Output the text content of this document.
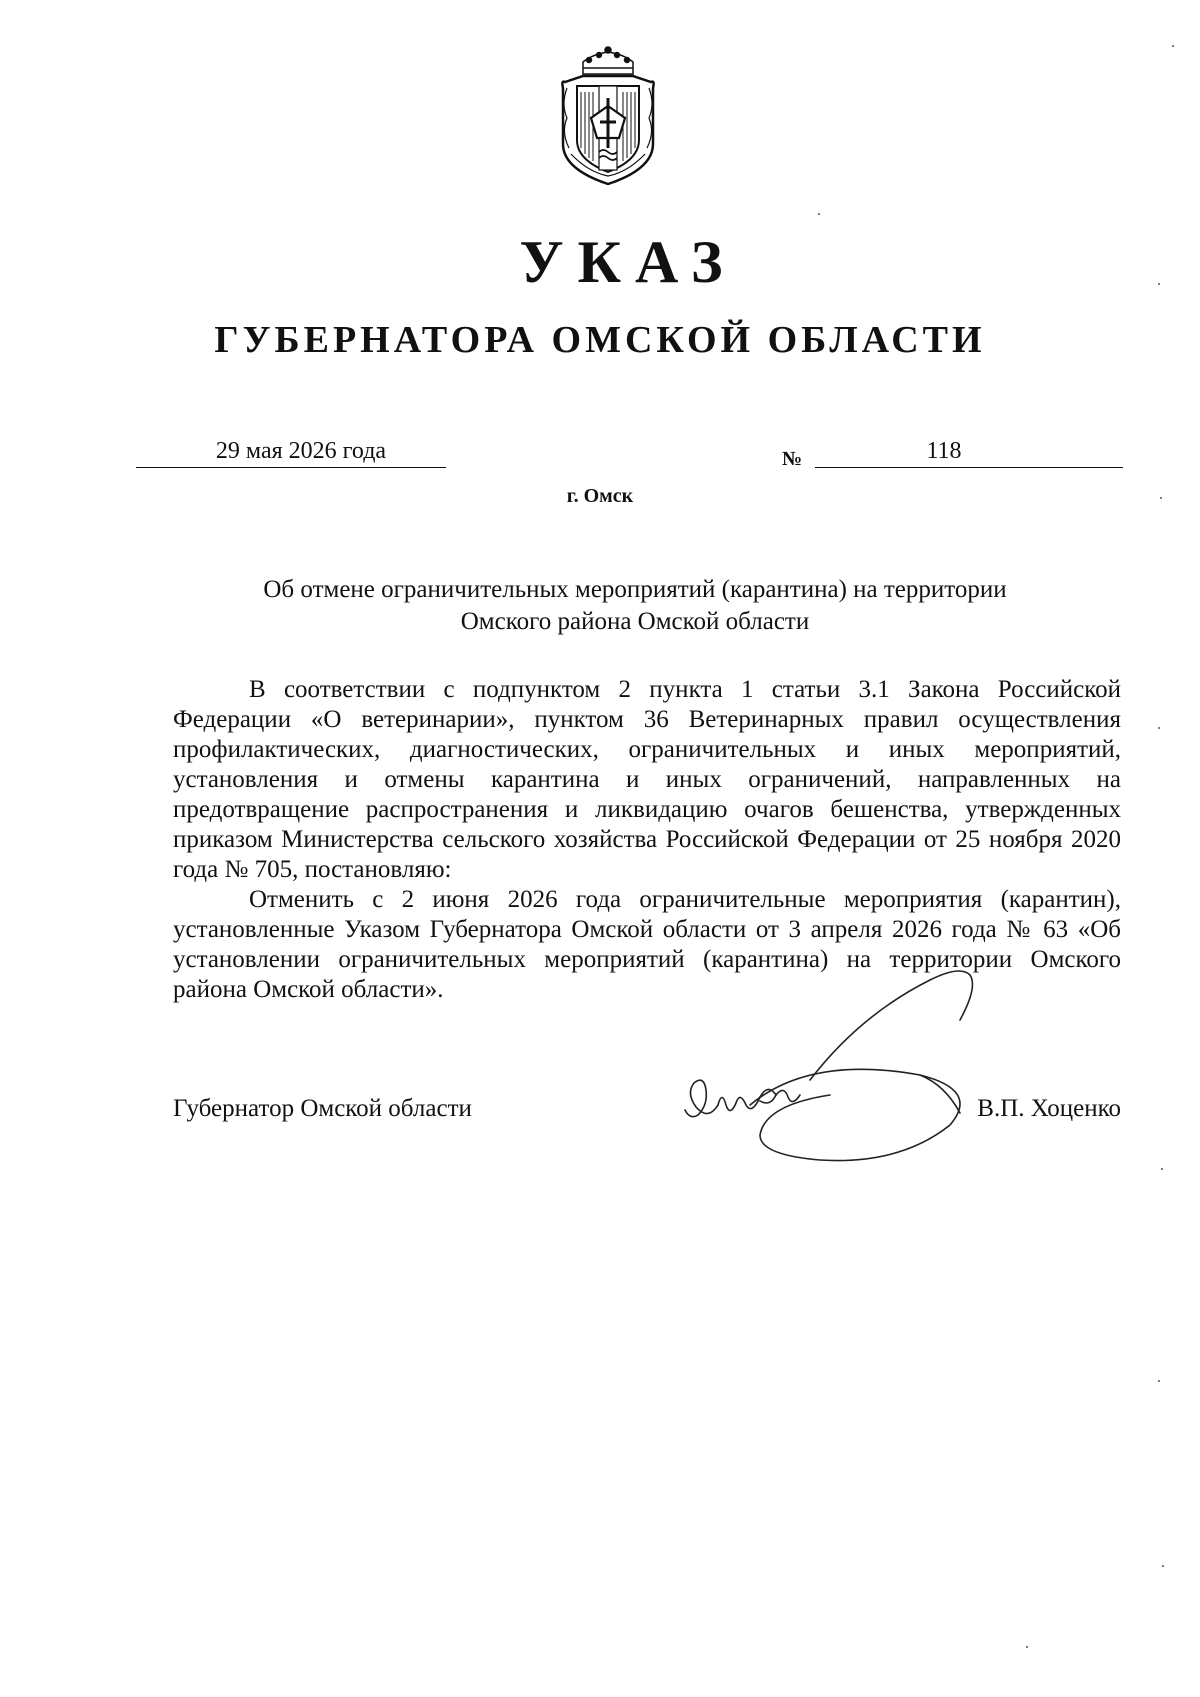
УКАЗ
ГУБЕРНАТОРА ОМСКОЙ ОБЛАСТИ
29 мая 2026 года	№	118
г. Омск
Об отмене ограничительных мероприятий (карантина) на территории
Омского района Омской области

В соответствии с подпунктом 2 пункта 1 статьи 3.1 Закона Российской Федерации «О ветеринарии», пунктом 36 Ветеринарных правил осуществления профилактических, диагностических, ограничительных и иных мероприятий, установления и отмены карантина и иных ограничений, направленных на предотвращение распространения и ликвидацию очагов бешенства, утвержденных приказом Министерства сельского хозяйства Российской Федерации от 25 ноября 2020 года № 705, постановляю:

Отменить с 2 июня 2026 года ограничительные мероприятия (карантин), установленные Указом Губернатора Омской области от 3 апреля 2026 года № 63 «Об установлении ограничительных мероприятий (карантина) на территории Омского района Омской области».

Губернатор Омской области	В.П. Хоценко
